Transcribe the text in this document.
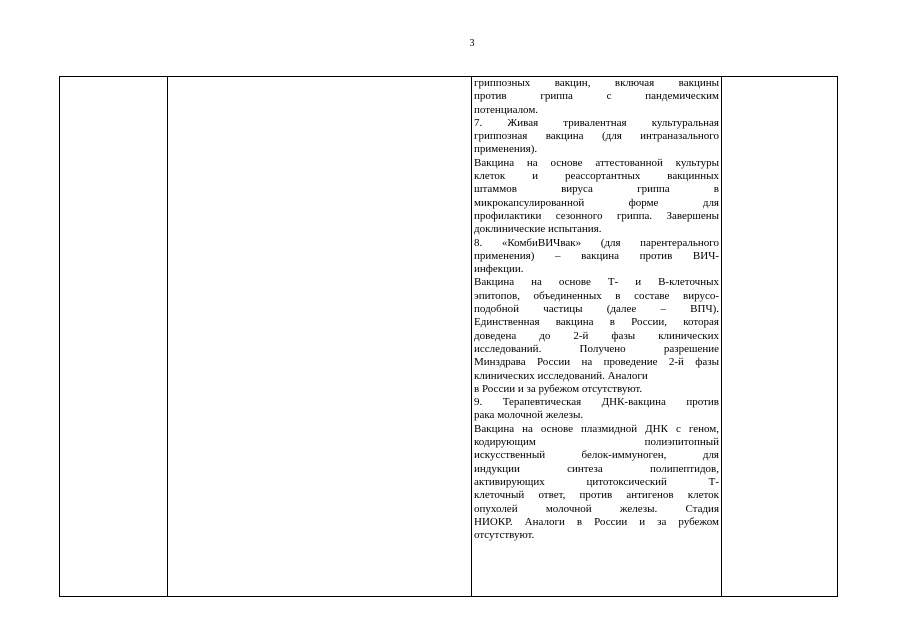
3

гриппозных вакцин, включая вакцины
против гриппа с пандемическим
потенциалом.
7. Живая тривалентная культуральная
гриппозная вакцина (для интраназального
применения).
Вакцина на основе аттестованной культуры
клеток и реассортантных вакцинных
штаммов вируса гриппа в
микрокапсулированной форме для
профилактики сезонного гриппа. Завершены
доклинические испытания.
8. «КомбиВИЧвак» (для парентерального
применения) – вакцина против ВИЧ-
инфекции.
Вакцина на основе Т- и В-клеточных
эпитопов, объединенных в составе вирусо-
подобной частицы (далее – ВПЧ).
Единственная вакцина в России, которая
доведена до 2-й фазы клинических
исследований. Получено разрешение
Минздрава России на проведение 2-й фазы
клинических исследований. Аналоги
в России и за рубежом отсутствуют.
9. Терапевтическая ДНК-вакцина против
рака молочной железы.
Вакцина на основе плазмидной ДНК с геном,
кодирующим полиэпитопный
искусственный белок-иммуноген, для
индукции синтеза полипептидов,
активирующих цитотоксический Т-
клеточный ответ, против антигенов клеток
опухолей молочной железы. Стадия
НИОКР. Аналоги в России и за рубежом
отсутствуют.
